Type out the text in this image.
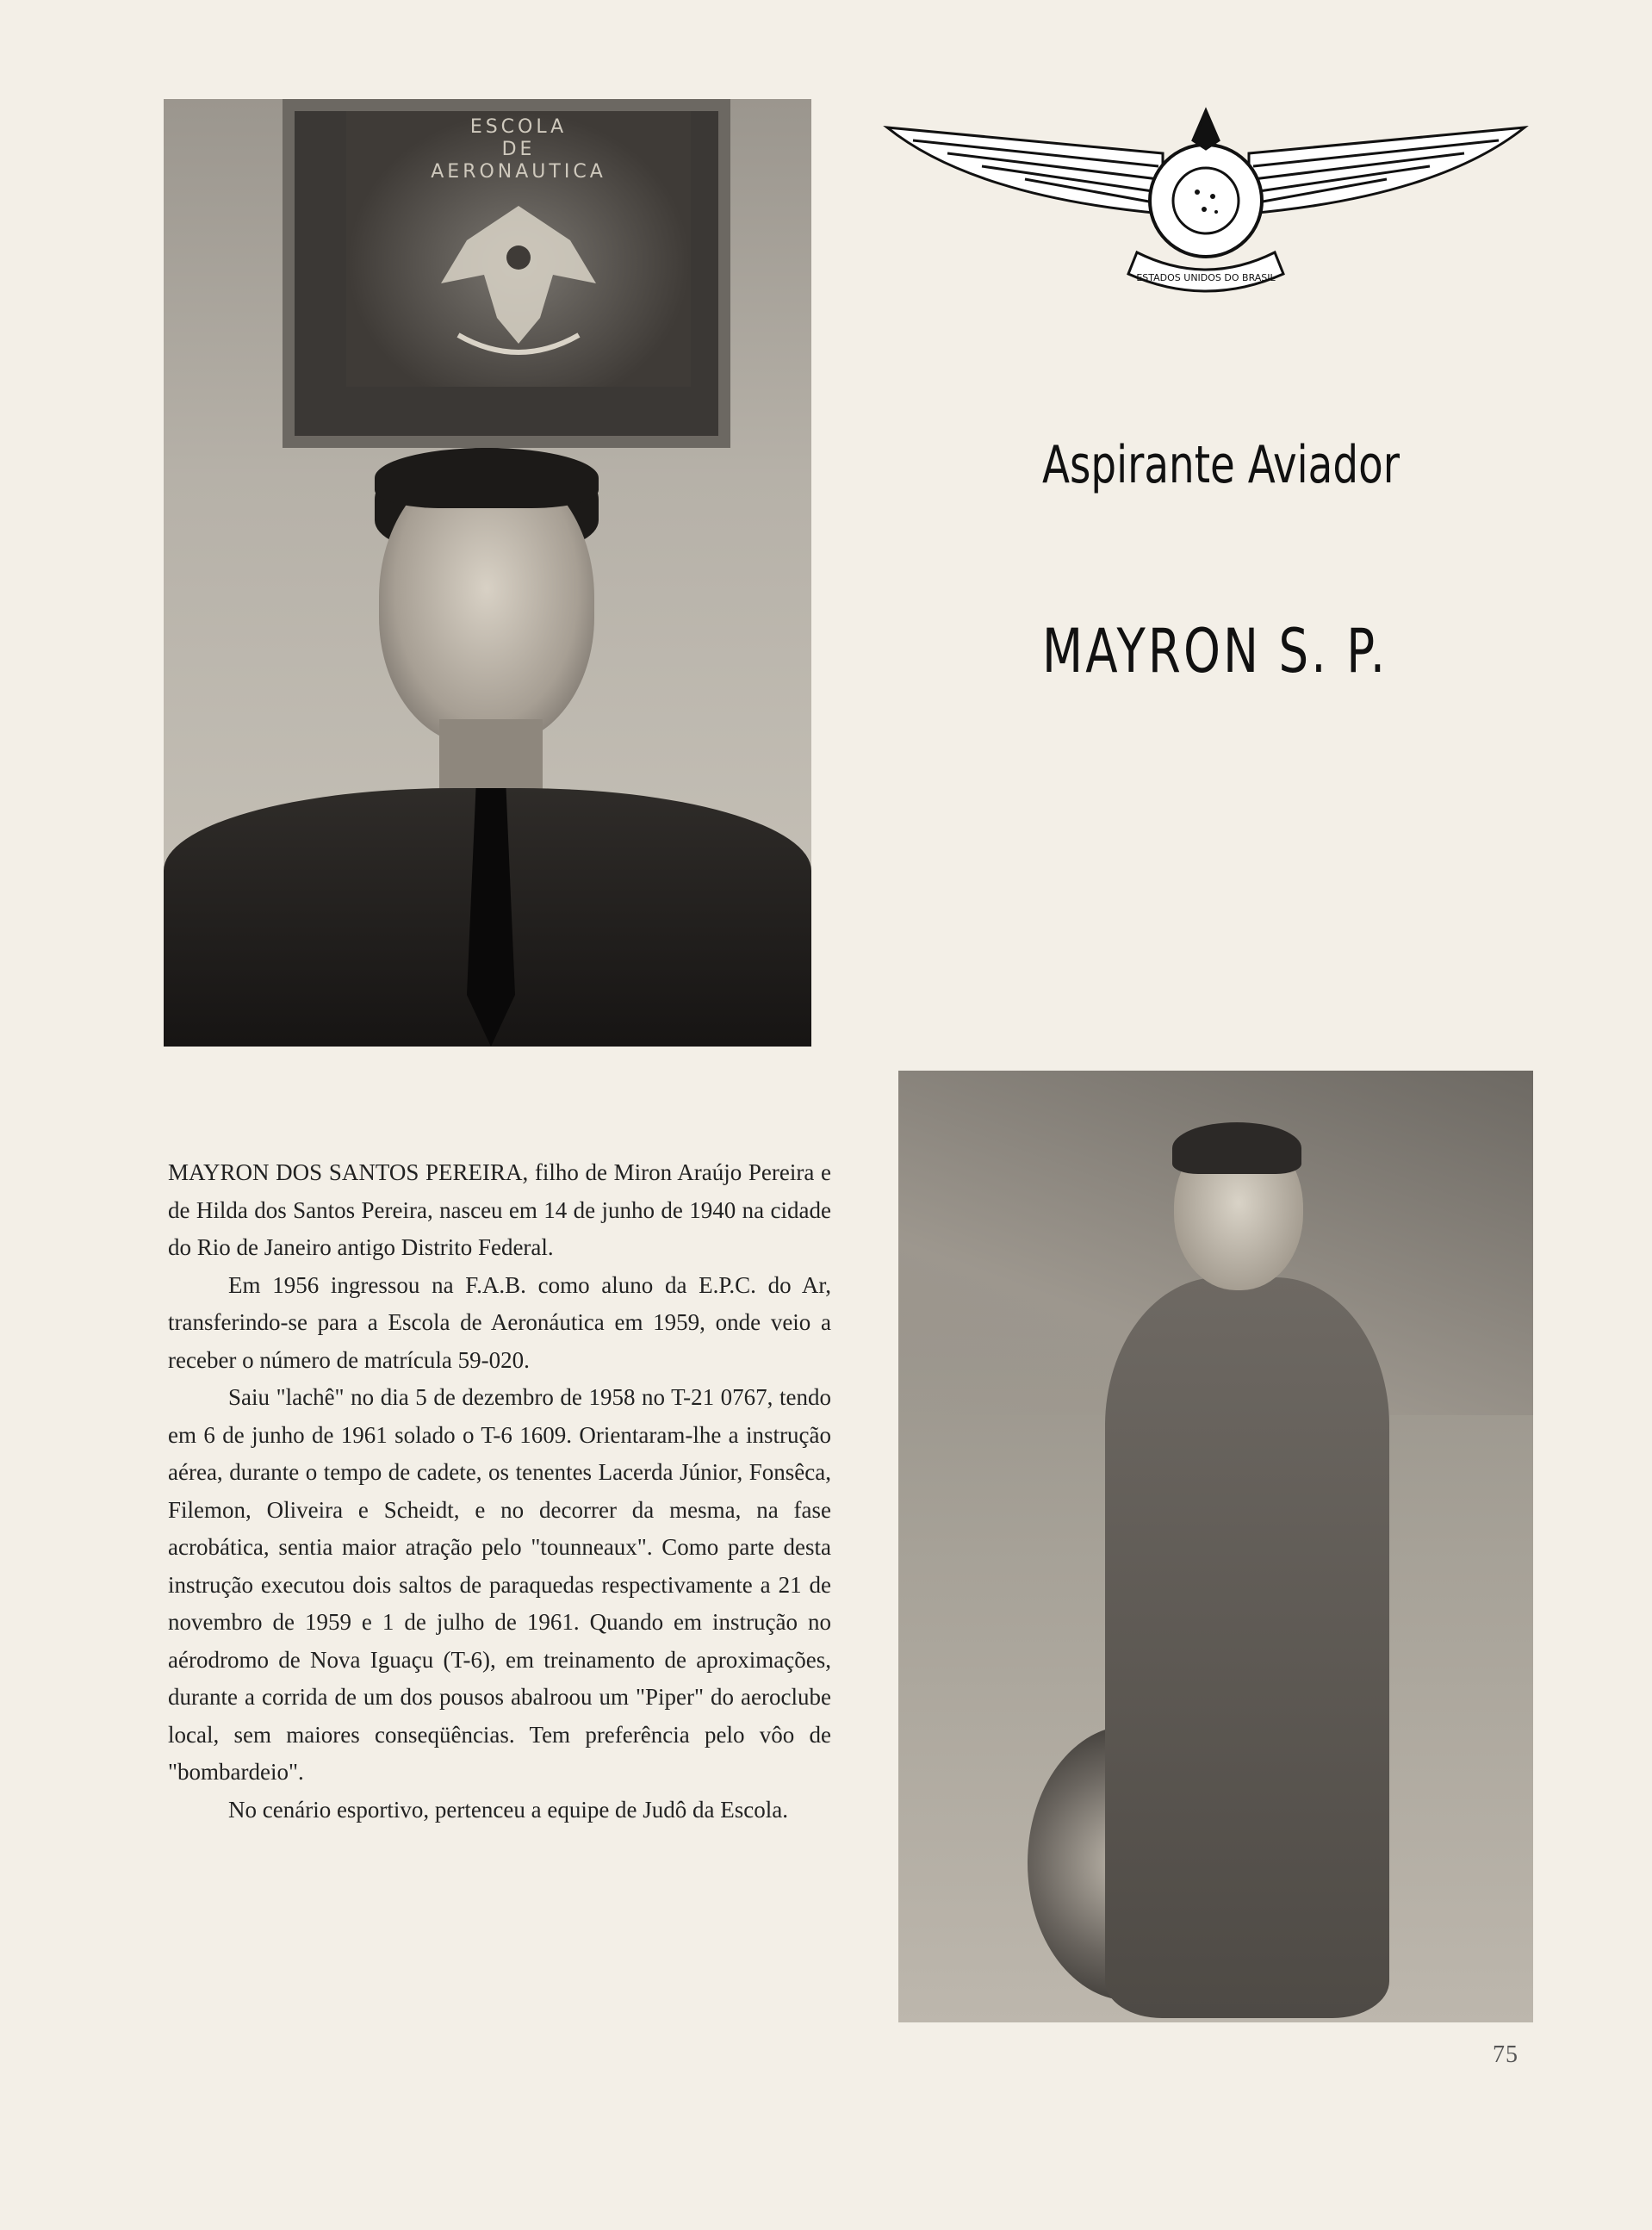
ESCOLA
DE
AERONAUTICA
ESTADOS UNIDOS DO BRASIL
Aspirante Aviador
MAYRON S. P.

MAYRON DOS SANTOS PEREIRA, filho de Miron Araújo Pereira e de Hilda dos Santos Pereira, nasceu em 14 de junho de 1940 na cidade do Rio de Janeiro antigo Distrito Federal.

Em 1956 ingressou na F.A.B. como aluno da E.P.C. do Ar, transferindo-se para a Escola de Aeronáutica em 1959, onde veio a receber o número de matrícula 59-020.

Saiu "lachê" no dia 5 de dezembro de 1958 no T-21 0767, tendo em 6 de junho de 1961 solado o T-6 1609. Orientaram-lhe a instrução aérea, durante o tempo de cadete, os tenentes Lacerda Júnior, Fonsêca, Filemon, Oliveira e Scheidt, e no decorrer da mesma, na fase acrobática, sentia maior atração pelo "tounneaux". Como parte desta instrução executou dois saltos de paraquedas respectivamente a 21 de novembro de 1959 e 1 de julho de 1961. Quando em instrução no aérodromo de Nova Iguaçu (T-6), em treinamento de aproximações, durante a corrida de um dos pousos abalroou um "Piper" do aeroclube local, sem maiores conseqüências. Tem preferência pelo vôo de "bombardeio".

No cenário esportivo, pertenceu a equipe de Judô da Escola.

75
